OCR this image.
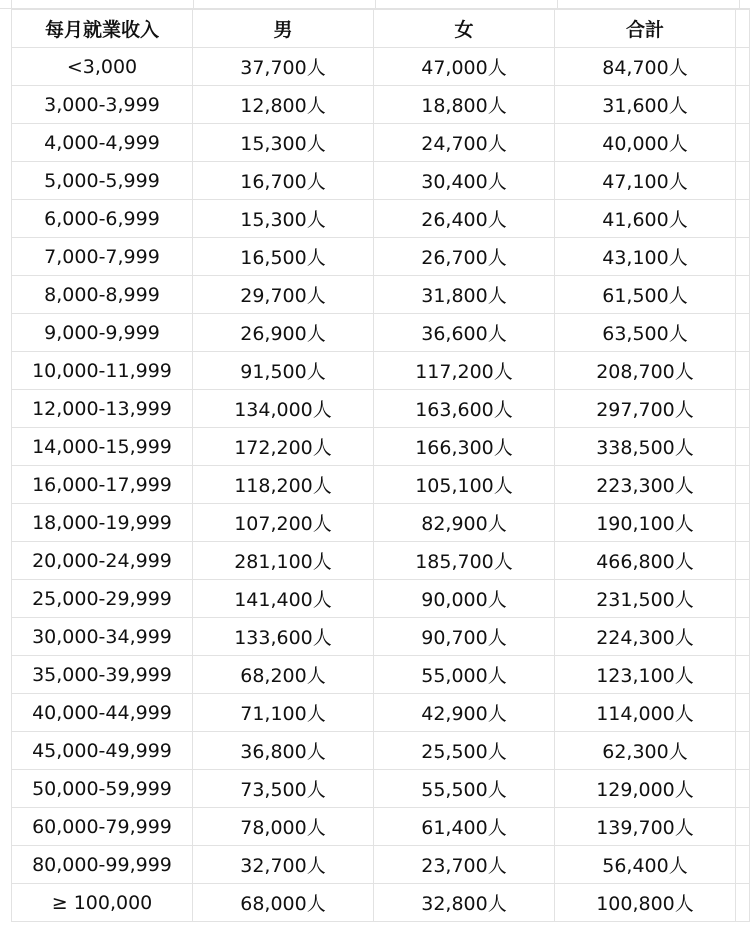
每月就業收入	男	女	合計	
<3,000	37,700人	47,000人	84,700人	
3,000-3,999	12,800人	18,800人	31,600人	
4,000-4,999	15,300人	24,700人	40,000人	
5,000-5,999	16,700人	30,400人	47,100人	
6,000-6,999	15,300人	26,400人	41,600人	
7,000-7,999	16,500人	26,700人	43,100人	
8,000-8,999	29,700人	31,800人	61,500人	
9,000-9,999	26,900人	36,600人	63,500人	
10,000-11,999	91,500人	117,200人	208,700人	
12,000-13,999	134,000人	163,600人	297,700人	
14,000-15,999	172,200人	166,300人	338,500人	
16,000-17,999	118,200人	105,100人	223,300人	
18,000-19,999	107,200人	82,900人	190,100人	
20,000-24,999	281,100人	185,700人	466,800人	
25,000-29,999	141,400人	90,000人	231,500人	
30,000-34,999	133,600人	90,700人	224,300人	
35,000-39,999	68,200人	55,000人	123,100人	
40,000-44,999	71,100人	42,900人	114,000人	
45,000-49,999	36,800人	25,500人	62,300人	
50,000-59,999	73,500人	55,500人	129,000人	
60,000-79,999	78,000人	61,400人	139,700人	
80,000-99,999	32,700人	23,700人	56,400人	
≥ 100,000	68,000人	32,800人	100,800人	
